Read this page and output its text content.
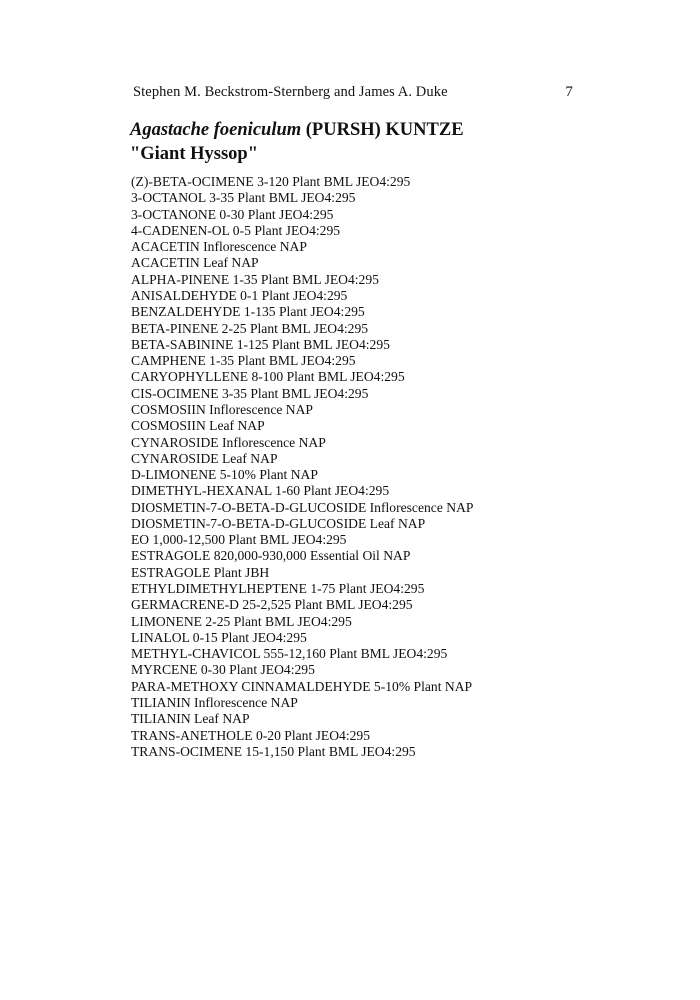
Stephen M. Beckstrom-Sternberg and James A. Duke	7
Agastache foeniculum (PURSH) KUNTZE
"Giant Hyssop"
(Z)-BETA-OCIMENE 3-120 Plant BML JEO4:295
3-OCTANOL 3-35 Plant BML JEO4:295
3-OCTANONE 0-30 Plant JEO4:295
4-CADENEN-OL 0-5 Plant JEO4:295
ACACETIN Inflorescence NAP
ACACETIN Leaf NAP
ALPHA-PINENE 1-35 Plant BML JEO4:295
ANISALDEHYDE 0-1 Plant JEO4:295
BENZALDEHYDE 1-135 Plant JEO4:295
BETA-PINENE 2-25 Plant BML JEO4:295
BETA-SABININE 1-125 Plant BML JEO4:295
CAMPHENE 1-35 Plant BML JEO4:295
CARYOPHYLLENE 8-100 Plant BML JEO4:295
CIS-OCIMENE 3-35 Plant BML JEO4:295
COSMOSIIN Inflorescence NAP
COSMOSIIN Leaf NAP
CYNAROSIDE Inflorescence NAP
CYNAROSIDE Leaf NAP
D-LIMONENE 5-10% Plant NAP
DIMETHYL-HEXANAL 1-60 Plant JEO4:295
DIOSMETIN-7-O-BETA-D-GLUCOSIDE Inflorescence NAP
DIOSMETIN-7-O-BETA-D-GLUCOSIDE Leaf NAP
EO 1,000-12,500 Plant BML JEO4:295
ESTRAGOLE 820,000-930,000 Essential Oil NAP
ESTRAGOLE Plant JBH
ETHYLDIMETHYLHEPTENE 1-75 Plant JEO4:295
GERMACRENE-D 25-2,525 Plant BML JEO4:295
LIMONENE 2-25 Plant BML JEO4:295
LINALOL 0-15 Plant JEO4:295
METHYL-CHAVICOL 555-12,160 Plant BML JEO4:295
MYRCENE 0-30 Plant JEO4:295
PARA-METHOXY CINNAMALDEHYDE 5-10% Plant NAP
TILIANIN Inflorescence NAP
TILIANIN Leaf NAP
TRANS-ANETHOLE 0-20 Plant JEO4:295
TRANS-OCIMENE 15-1,150 Plant BML JEO4:295
